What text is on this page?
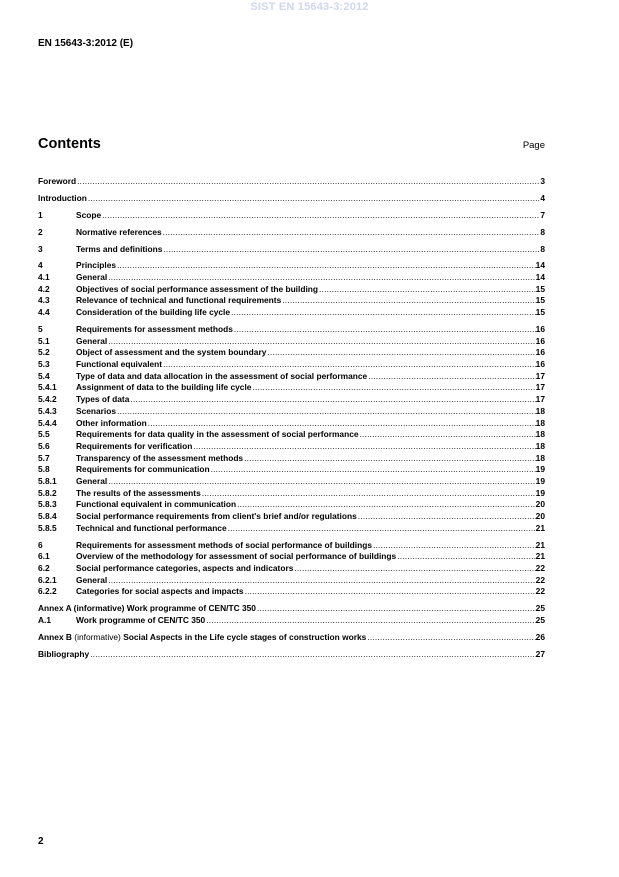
SIST EN 15643-3:2012
EN 15643-3:2012 (E)
Contents	Page
Foreword .....	3
Introduction .....	4
1	Scope .....	7
2	Normative references .....	8
3	Terms and definitions .....	8
4	Principles .....	14
4.1	General .....	14
4.2	Objectives of social performance assessment of the building .....	15
4.3	Relevance of technical and functional requirements .....	15
4.4	Consideration of the building life cycle .....	15
5	Requirements for assessment methods .....	16
5.1	General .....	16
5.2	Object of assessment and the system boundary .....	16
5.3	Functional equivalent .....	16
5.4	Type of data and data allocation in the assessment of social performance .....	17
5.4.1	Assignment of data to the building life cycle .....	17
5.4.2	Types of data .....	17
5.4.3	Scenarios .....	18
5.4.4	Other information .....	18
5.5	Requirements for data quality in the assessment of social performance .....	18
5.6	Requirements for verification .....	18
5.7	Transparency of the assessment methods .....	18
5.8	Requirements for communication .....	19
5.8.1	General .....	19
5.8.2	The results of the assessments .....	19
5.8.3	Functional equivalent in communication .....	20
5.8.4	Social performance requirements from client's brief and/or regulations .....	20
5.8.5	Technical and functional performance .....	21
6	Requirements for assessment methods of social performance of buildings .....	21
6.1	Overview of the methodology for assessment of social performance of buildings .....	21
6.2	Social performance categories, aspects and indicators .....	22
6.2.1	General .....	22
6.2.2	Categories for social aspects and impacts .....	22
Annex A (informative) Work programme of CEN/TC 350 .....	25
A.1	Work programme of CEN/TC 350 .....	25
Annex B (informative) Social Aspects in the Life cycle stages of construction works .....	26
Bibliography .....	27
2
